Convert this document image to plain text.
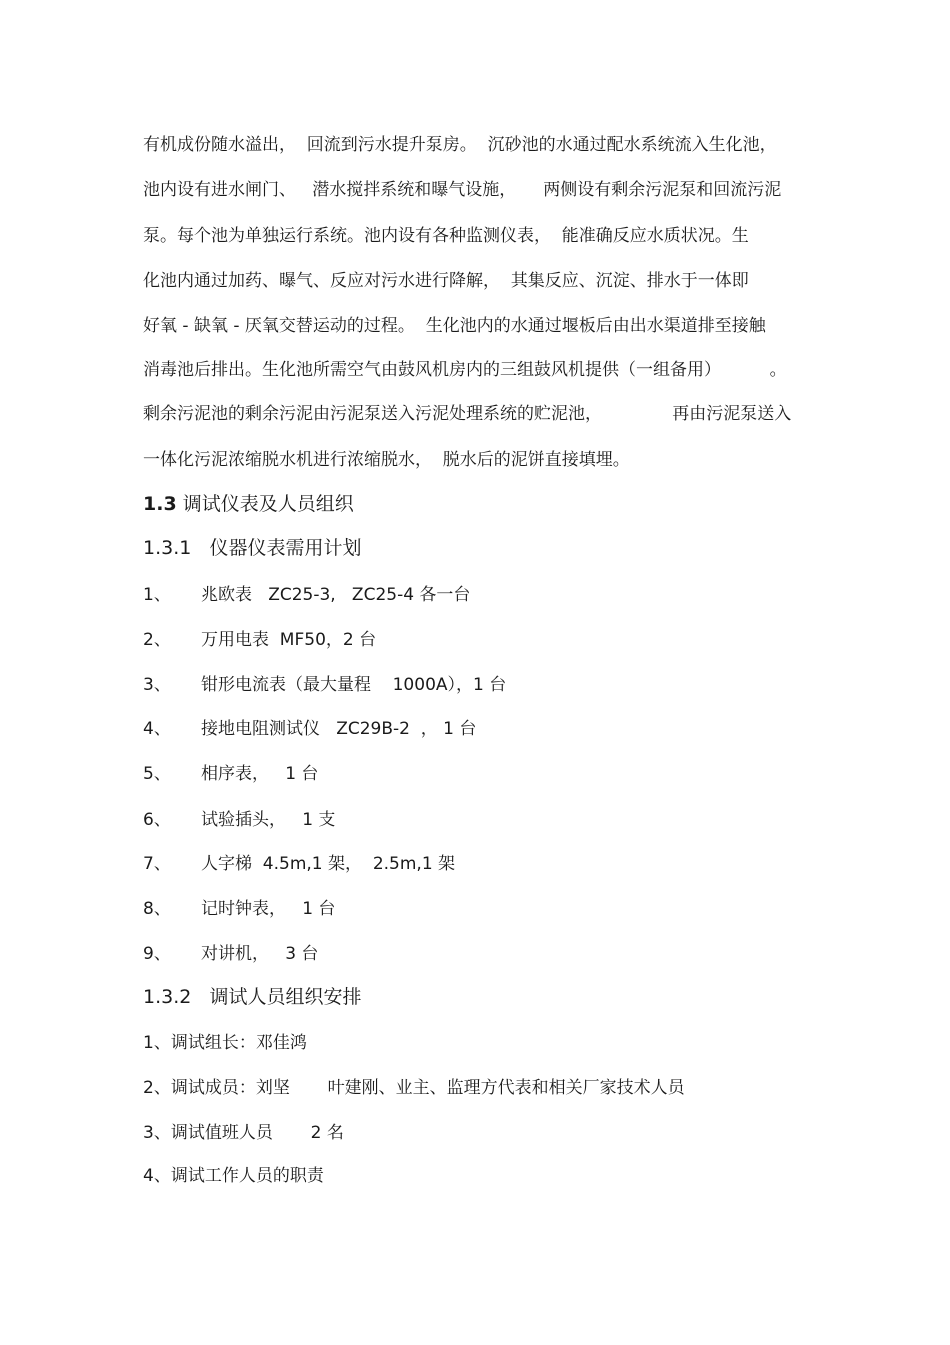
有机成份随水溢出，  回流到污水提升泵房。  沉砂池的水通过配水系统流入生化池，
池内设有进水闸门、   潜水搅拌系统和曝气设施，     两侧设有剩余污泥泵和回流污泥
泵。每个池为单独运行系统。池内设有各种监测仪表，  能准确反应水质状况。生
化池内通过加药、曝气、反应对污水进行降解，  其集反应、沉淀、排水于一体即
好氧 - 缺氧 - 厌氧交替运动的过程。  生化池内的水通过堰板后由出水渠道排至接触
消毒池后排出。生化池所需空气由鼓风机房内的三组鼓风机提供（一组备用）         。
剩余污泥池的剩余污泥由污泥泵送入污泥处理系统的贮泥池，             再由污泥泵送入
一体化污泥浓缩脱水机进行浓缩脱水，  脱水后的泥饼直接填埋。
1.3 调试仪表及人员组织
1.3.1   仪器仪表需用计划
1、 兆欧表   ZC25-3,   ZC25-4 各一台
2、 万用电表  MF50，2 台
3、 钳形电流表（最大量程    1000A），1 台
4、 接地电阻测试仪   ZC29B-2  ， 1 台
5、 相序表，   1 台
6、 试验插头，   1 支
7、 人字梯  4.5m,1 架，  2.5m,1 架
8、 记时钟表，   1 台
9、 对讲机，   3 台
1.3.2   调试人员组织安排
1、调试组长：邓佳鸿
2、调试成员：刘坚       叶建刚、业主、监理方代表和相关厂家技术人员
3、调试值班人员       2 名
4、调试工作人员的职责
